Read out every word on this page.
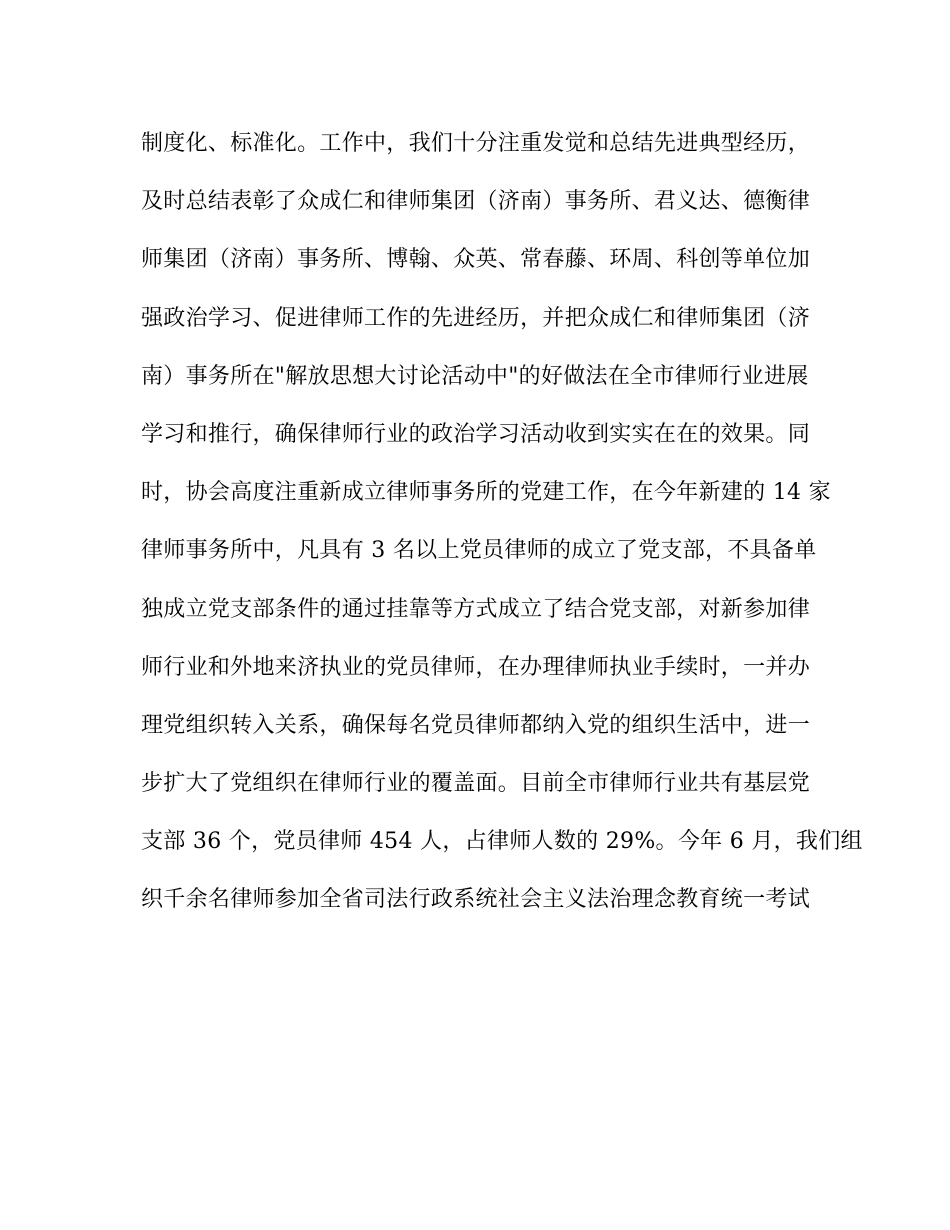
制度化、标准化。工作中，我们十分注重发觉和总结先进典型经历，
及时总结表彰了众成仁和律师集团（济南）事务所、君义达、德衡律
师集团（济南）事务所、博翰、众英、常春藤、环周、科创等单位加
强政治学习、促进律师工作的先进经历，并把众成仁和律师集团（济
南）事务所在"解放思想大讨论活动中"的好做法在全市律师行业进展
学习和推行，确保律师行业的政治学习活动收到实实在在的效果。同
时，协会高度注重新成立律师事务所的党建工作，在今年新建的 14 家
律师事务所中，凡具有 3 名以上党员律师的成立了党支部，不具备单
独成立党支部条件的通过挂靠等方式成立了结合党支部，对新参加律
师行业和外地来济执业的党员律师，在办理律师执业手续时，一并办
理党组织转入关系，确保每名党员律师都纳入党的组织生活中，进一
步扩大了党组织在律师行业的覆盖面。目前全市律师行业共有基层党
支部 36 个，党员律师 454 人，占律师人数的 29%。今年 6 月，我们组
织千余名律师参加全省司法行政系统社会主义法治理念教育统一考试
